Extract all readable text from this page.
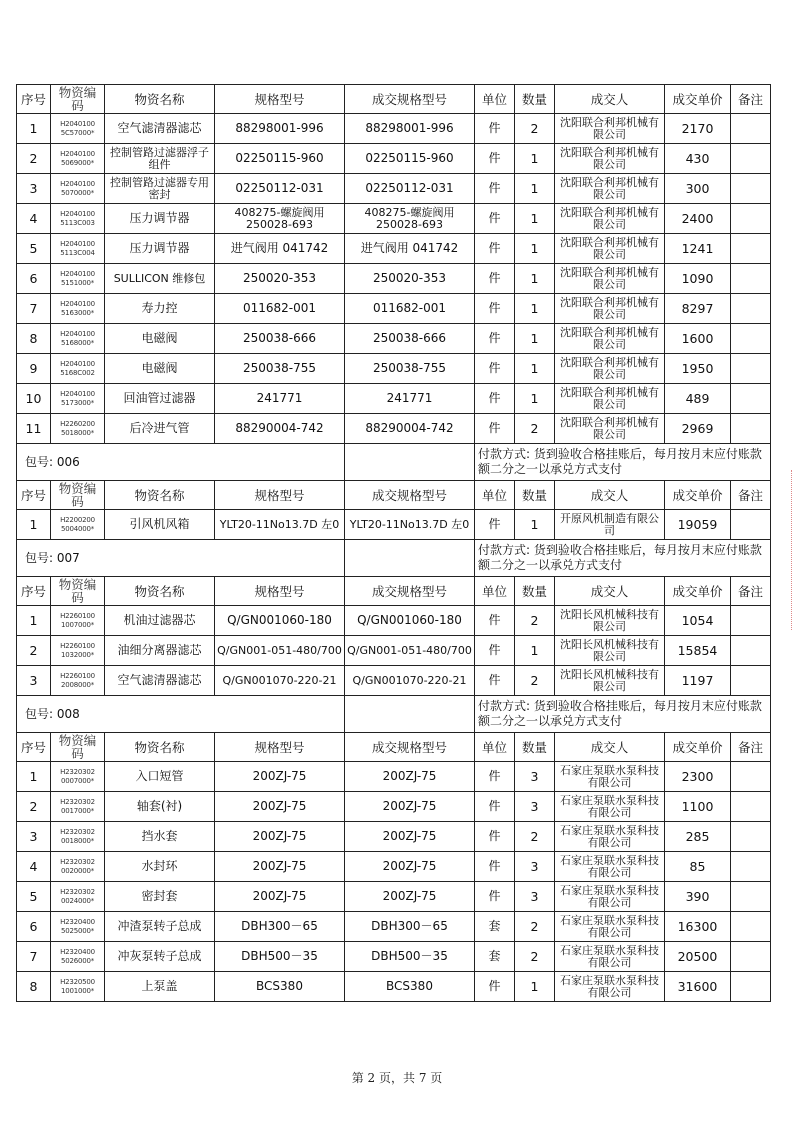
序号	物资编码	物资名称	规格型号	成交规格型号	单位	数量	成交人	成交单价	备注
1	H2040100 5C57000*	空气滤清器滤芯	88298001-996	88298001-996	件	2	沈阳联合利邦机械有限公司	2170	
2	H2040100 5069000*	控制管路过滤器浮子组件	02250115-960	02250115-960	件	1	沈阳联合利邦机械有限公司	430	
3	H2040100 5070000*	控制管路过滤器专用密封	02250112-031	02250112-031	件	1	沈阳联合利邦机械有限公司	300	
4	H2040100 5113C003	压力调节器	408275-螺旋阀用 250028-693	408275-螺旋阀用 250028-693	件	1	沈阳联合利邦机械有限公司	2400	
5	H2040100 5113C004	压力调节器	进气阀用 041742	进气阀用 041742	件	1	沈阳联合利邦机械有限公司	1241	
6	H2040100 5151000*	SULLICON 维修包	250020-353	250020-353	件	1	沈阳联合利邦机械有限公司	1090	
7	H2040100 5163000*	寿力控	011682-001	011682-001	件	1	沈阳联合利邦机械有限公司	8297	
8	H2040100 5168000*	电磁阀	250038-666	250038-666	件	1	沈阳联合利邦机械有限公司	1600	
9	H2040100 5168C002	电磁阀	250038-755	250038-755	件	1	沈阳联合利邦机械有限公司	1950	
10	H2040100 5173000*	回油管过滤器	241771	241771	件	1	沈阳联合利邦机械有限公司	489	
11	H2260200 5018000*	后冷进气管	88290004-742	88290004-742	件	2	沈阳联合利邦机械有限公司	2969	
包号: 006					付款方式: 货到验收合格挂账后，每月按月末应付账款额二分之一以承兑方式支付				
序号	物资编码	物资名称	规格型号	成交规格型号	单位	数量	成交人	成交单价	备注
1	H2200200 5004000*	引风机风箱	YLT20-11No13.7D 左0	YLT20-11No13.7D 左0	件	1	开原风机制造有限公司	19059	
包号: 007					付款方式: 货到验收合格挂账后，每月按月末应付账款额二分之一以承兑方式支付				
序号	物资编码	物资名称	规格型号	成交规格型号	单位	数量	成交人	成交单价	备注
1	H2260100 1007000*	机油过滤器芯	Q/GN001060-180	Q/GN001060-180	件	2	沈阳长风机械科技有限公司	1054	
2	H2260100 1032000*	油细分离器滤芯	Q/GN001-051-480/700	Q/GN001-051-480/700	件	1	沈阳长风机械科技有限公司	15854	
3	H2260100 2008000*	空气滤清器滤芯	Q/GN001070-220-21	Q/GN001070-220-21	件	2	沈阳长风机械科技有限公司	1197	
包号: 008					付款方式: 货到验收合格挂账后，每月按月末应付账款额二分之一以承兑方式支付				
序号	物资编码	物资名称	规格型号	成交规格型号	单位	数量	成交人	成交单价	备注
1	H2320302 0007000*	入口短管	200ZJ-75	200ZJ-75	件	3	石家庄泵联水泵科技有限公司	2300	
2	H2320302 0017000*	轴套(衬)	200ZJ-75	200ZJ-75	件	3	石家庄泵联水泵科技有限公司	1100	
3	H2320302 0018000*	挡水套	200ZJ-75	200ZJ-75	件	2	石家庄泵联水泵科技有限公司	285	
4	H2320302 0020000*	水封环	200ZJ-75	200ZJ-75	件	3	石家庄泵联水泵科技有限公司	85	
5	H2320302 0024000*	密封套	200ZJ-75	200ZJ-75	件	3	石家庄泵联水泵科技有限公司	390	
6	H2320400 5025000*	冲渣泵转子总成	DBH300－65	DBH300－65	套	2	石家庄泵联水泵科技有限公司	16300	
7	H2320400 5026000*	冲灰泵转子总成	DBH500－35	DBH500－35	套	2	石家庄泵联水泵科技有限公司	20500	
8	H2320500 1001000*	上泵盖	BCS380	BCS380	件	1	石家庄泵联水泵科技有限公司	31600	
第 2 页，共 7 页
